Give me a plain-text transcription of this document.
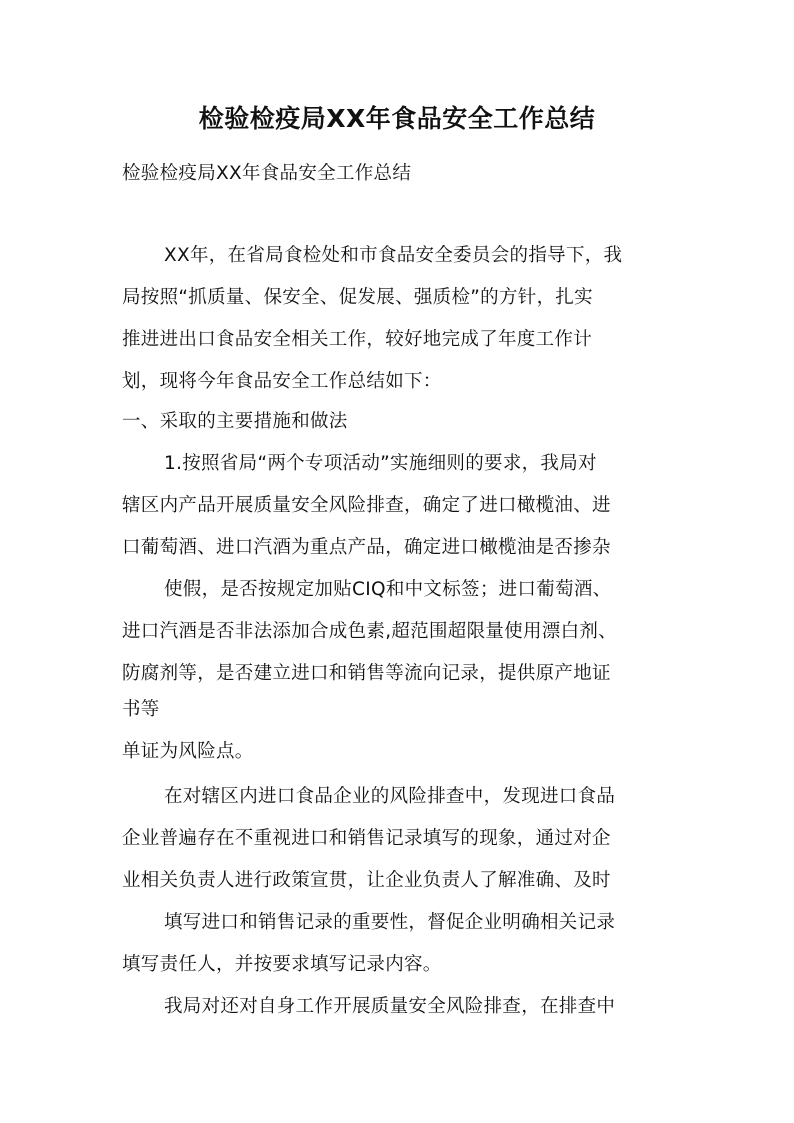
检验检疫局XX年食品安全工作总结
检验检疫局XX年食品安全工作总结
XX年，在省局食检处和市食品安全委员会的指导下，我
局按照“抓质量、保安全、促发展、强质检”的方针，扎实
推进进出口食品安全相关工作，较好地完成了年度工作计
划，现将今年食品安全工作总结如下：
一、采取的主要措施和做法
1.按照省局“两个专项活动”实施细则的要求，我局对
辖区内产品开展质量安全风险排查，确定了进口橄榄油、进
口葡萄酒、进口汽酒为重点产品，确定进口橄榄油是否掺杂
使假，是否按规定加贴CIQ和中文标签；进口葡萄酒、
进口汽酒是否非法添加合成色素,超范围超限量使用漂白剂、
防腐剂等，是否建立进口和销售等流向记录，提供原产地证
书等
单证为风险点。
在对辖区内进口食品企业的风险排查中，发现进口食品
企业普遍存在不重视进口和销售记录填写的现象，通过对企
业相关负责人进行政策宣贯，让企业负责人了解准确、及时
填写进口和销售记录的重要性，督促企业明确相关记录
填写责任人，并按要求填写记录内容。
我局对还对自身工作开展质量安全风险排查，在排查中
